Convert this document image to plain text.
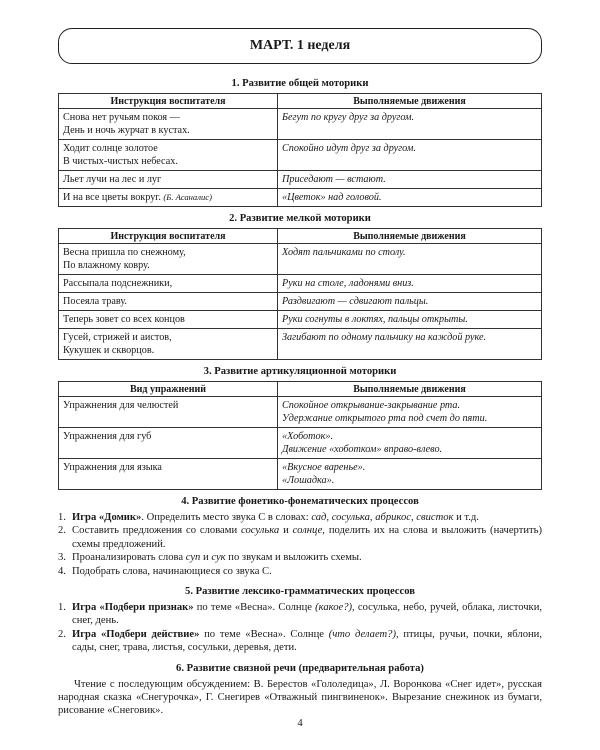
МАРТ. 1 неделя
1. Развитие общей моторики
Инструкция воспитателя	Выполняемые движения
Снова нет ручьям покоя —
День и ночь журчат в кустах.	Бегут по кругу друг за другом.
Ходит солнце золотое
В чистых-чистых небесах.	Спокойно идут друг за другом.
Льет лучи на лес и луг	Приседают — встают.
И на все цветы вокруг. (Б. Асаналис)	«Цветок» над головой.
2. Развитие мелкой моторики
Инструкция воспитателя	Выполняемые движения
Весна пришла по снежному,
По влажному ковру.	Ходят пальчиками по столу.
Рассыпала подснежники,	Руки на столе, ладонями вниз.
Посеяла траву.	Раздвигают — сдвигают пальцы.
Теперь зовет со всех концов	Руки согнуты в локтях, пальцы открыты.
Гусей, стрижей и аистов,
Кукушек и скворцов.	Загибают по одному пальчику на каждой руке.
3. Развитие артикуляционной моторики
Вид упражнений	Выполняемые движения
Упражнения для челюстей	Спокойное открывание-закрывание рта.
Удержание открытого рта под счет до пяти.
Упражнения для губ	«Хоботок».
Движение «хоботком» вправо-влево.
Упражнения для языка	«Вкусное варенье».
«Лошадка».
4. Развитие фонетико-фонематических процессов
1. Игра «Домик». Определить место звука С в словах: сад, сосулька, абрикос, свисток и т.д.
2. Составить предложения со словами сосулька и солнце, поделить их на слова и выложить (начертить) схемы предложений.
3. Проанализировать слова суп и сук по звукам и выложить схемы.
4. Подобрать слова, начинающиеся со звука С.
5. Развитие лексико-грамматических процессов
1. Игра «Подбери признак» по теме «Весна». Солнце (какое?), сосулька, небо, ручей, облака, листочки, снег, день.
2. Игра «Подбери действие» по теме «Весна». Солнце (что делает?), птицы, ручьи, почки, яблони, сады, снег, трава, листья, сосульки, деревья, дети.
6. Развитие связной речи (предварительная работа)
Чтение с последующим обсуждением: В. Берестов «Гололедица», Л. Воронкова «Снег идет», русская народная сказка «Снегурочка», Г. Снегирев «Отважный пингвиненок». Вырезание снежинок из бумаги, рисование «Снеговик».
4
